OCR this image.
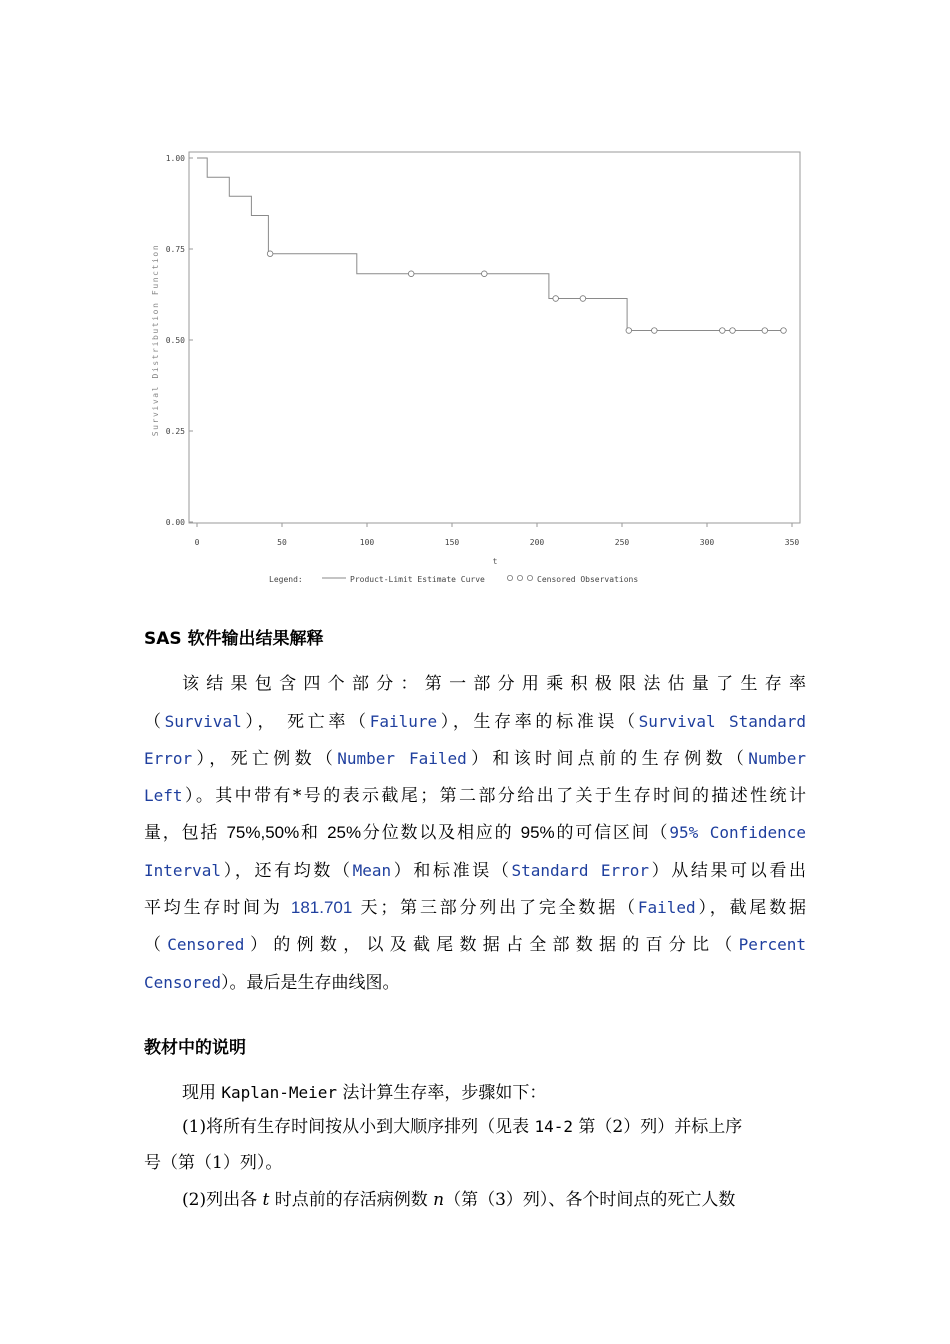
0.00
0.25
0.50
0.75
1.00
0	50	100	150	200	250	300	350
t
Survival Distribution Function
Legend:	Product-Limit Estimate Curve	Censored Observations
SAS 软件输出结果解释
该 结 果 包 含 四 个 部 分 ： 第 一 部 分 用 乘 积 极 限 法 估 量 了 生 存 率
（Survival）， 死亡率（Failure），生存率的标准误（Survival Standard
Error），死亡例数（Number Failed）和该时间点前的生存例数（Number
Left）。其中带有*号的表示截尾；第二部分给出了关于生存时间的描述性统计
量，包括 75%,50%和 25%分位数以及相应的 95%的可信区间（95% Confidence
Interval），还有均数（Mean）和标准误（Standard Error）从结果可以看出
平均生存时间为 181.701 天；第三部分列出了完全数据（Failed），截尾数据
（ Censored ） 的 例 数 ， 以 及 截 尾 数 据 占 全 部 数 据 的 百 分 比 （ Percent
Censored）。最后是生存曲线图。
教材中的说明
现用 Kaplan-Meier 法计算生存率，步骤如下：
(1)将所有生存时间按从小到大顺序排列（见表 14-2 第（2）列）并标上序
号（第（1）列）。
(2)列出各 t 时点前的存活病例数 n（第（3）列）、各个时间点的死亡人数
